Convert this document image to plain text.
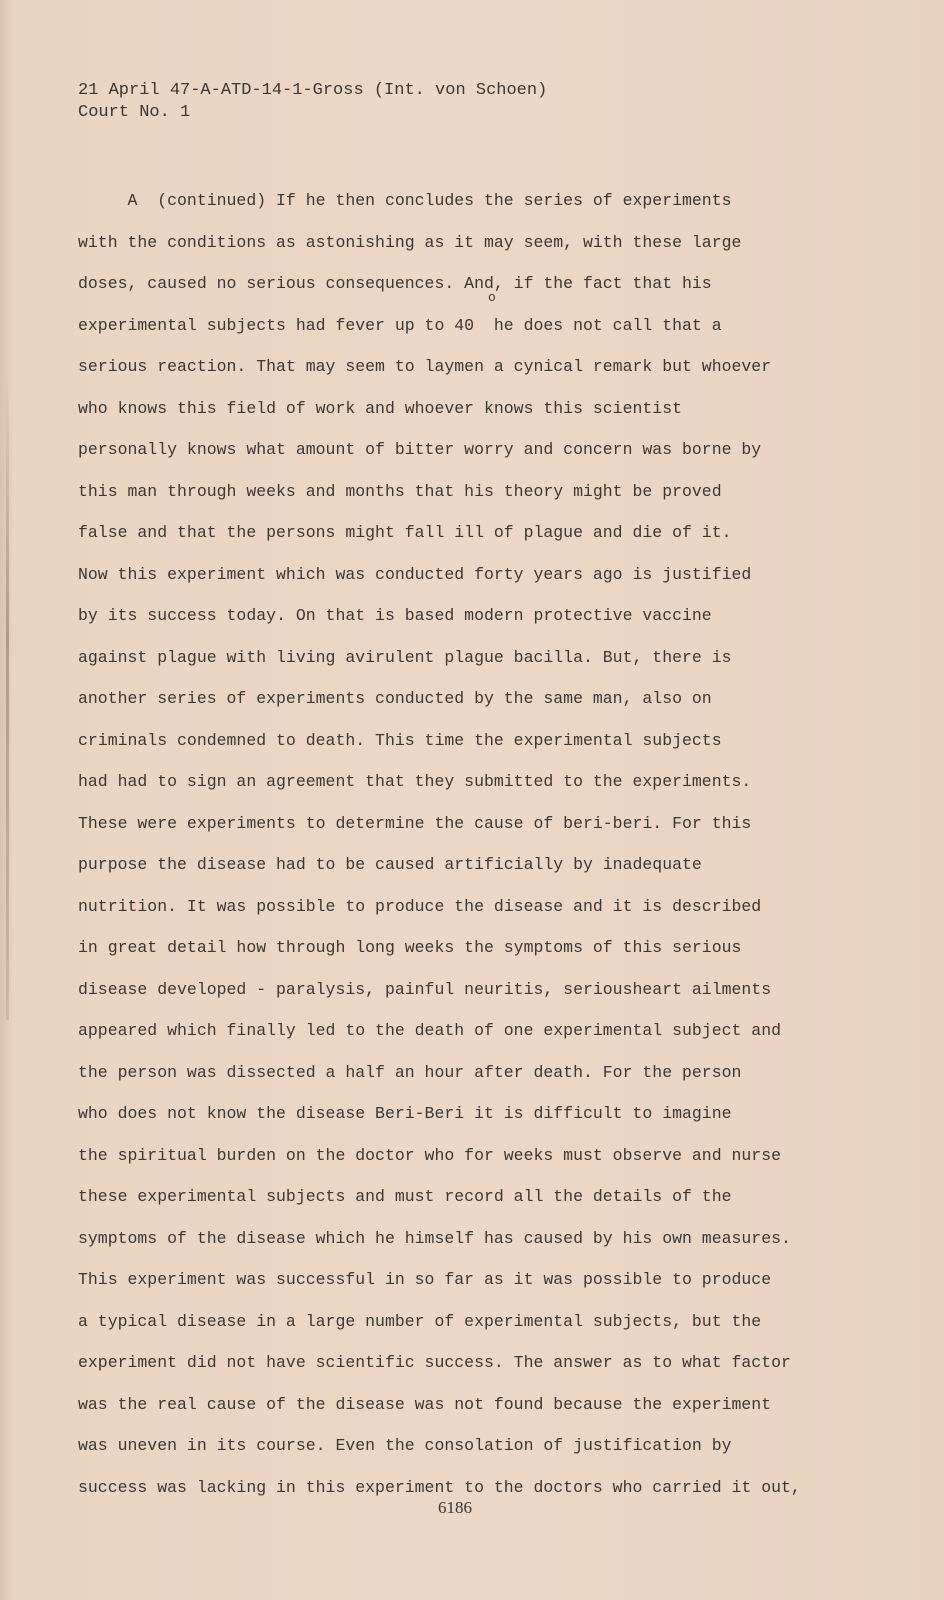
21 April 47-A-ATD-14-1-Gross (Int. von Schoen)
Court No. 1
o
A  (continued) If he then concludes the series of experiments
with the conditions as astonishing as it may seem, with these large
doses, caused no serious consequences. And, if the fact that his
experimental subjects had fever up to 40  he does not call that a
serious reaction. That may seem to laymen a cynical remark but whoever
who knows this field of work and whoever knows this scientist
personally knows what amount of bitter worry and concern was borne by
this man through weeks and months that his theory might be proved
false and that the persons might fall ill of plague and die of it.
Now this experiment which was conducted forty years ago is justified
by its success today. On that is based modern protective vaccine
against plague with living avirulent plague bacilla. But, there is
another series of experiments conducted by the same man, also on
criminals condemned to death. This time the experimental subjects
had had to sign an agreement that they submitted to the experiments.
These were experiments to determine the cause of beri-beri. For this
purpose the disease had to be caused artificially by inadequate
nutrition. It was possible to produce the disease and it is described
in great detail how through long weeks the symptoms of this serious
disease developed - paralysis, painful neuritis, seriousheart ailments
appeared which finally led to the death of one experimental subject and
the person was dissected a half an hour after death. For the person
who does not know the disease Beri-Beri it is difficult to imagine
the spiritual burden on the doctor who for weeks must observe and nurse
these experimental subjects and must record all the details of the
symptoms of the disease which he himself has caused by his own measures.
This experiment was successful in so far as it was possible to produce
a typical disease in a large number of experimental subjects, but the
experiment did not have scientific success. The answer as to what factor
was the real cause of the disease was not found because the experiment
was uneven in its course. Even the consolation of justification by
success was lacking in this experiment to the doctors who carried it out,
6186
